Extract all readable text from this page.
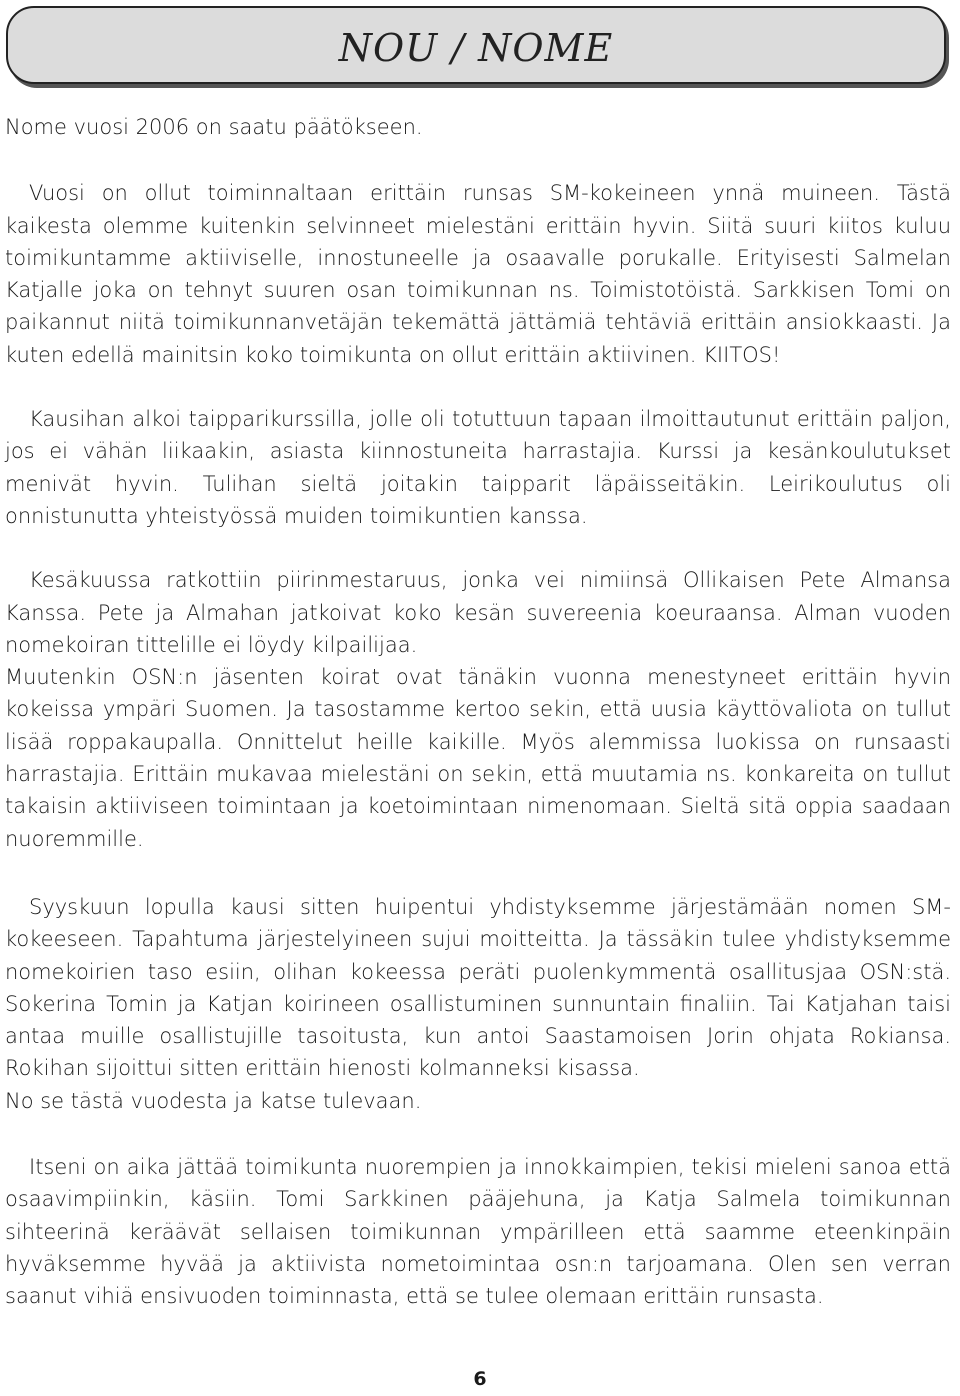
NOU / NOME

Nome vuosi 2006 on saatu päätökseen.

Vuosi on ollut toiminnaltaan erittäin runsas SM-kokeineen ynnä muineen. Tästä kaikesta olemme kuitenkin selvinneet mielestäni erittäin hyvin. Siitä suuri kiitos kuluu toimikuntamme aktiiviselle, innostuneelle ja osaavalle porukalle. Erityisesti Salmelan Katjalle joka on tehnyt suuren osan toimikunnan ns. Toimistotöistä. Sarkkisen Tomi on paikannut niitä toimikunnanvetäjän tekemättä jättämiä tehtäviä erittäin ansiokkaasti. Ja kuten edellä mainitsin koko toimikunta on ollut erittäin aktiivinen. KIITOS!

Kausihan alkoi taipparikurssilla, jolle oli totuttuun tapaan ilmoittautunut erittäin paljon, jos ei vähän liikaakin, asiasta kiinnostuneita harrastajia. Kurssi ja kesänkoulutukset menivät hyvin. Tulihan sieltä joitakin taipparit läpäisseitäkin. Leirikoulutus oli onnistunutta yhteistyössä muiden toimikuntien kanssa.

Kesäkuussa ratkottiin piirinmestaruus, jonka vei nimiinsä Ollikaisen Pete Almansa Kanssa. Pete ja Almahan jatkoivat koko kesän suvereenia koeuraansa. Alman vuoden nomekoiran tittelille ei löydy kilpailijaa.

Muutenkin OSN:n jäsenten koirat ovat tänäkin vuonna menestyneet erittäin hyvin kokeissa ympäri Suomen. Ja tasostamme kertoo sekin, että uusia käyttövaliota on tullut lisää roppakaupalla. Onnittelut heille kaikille. Myös alemmissa luokissa on runsaasti harrastajia. Erittäin mukavaa mielestäni on sekin, että muutamia ns. konkareita on tullut takaisin aktiiviseen toimintaan ja koetoimintaan nimenomaan. Sieltä sitä oppia saadaan nuoremmille.

Syyskuun lopulla kausi sitten huipentui yhdistyksemme järjestämään nomen SM-kokeeseen. Tapahtuma järjestelyineen sujui moitteitta. Ja tässäkin tulee yhdistyksemme nomekoirien taso esiin, olihan kokeessa peräti puolenkymmentä osallitusjaa OSN:stä. Sokerina Tomin ja Katjan koirineen osallistuminen sunnuntain finaliin. Tai Katjahan taisi antaa muille osallistujille tasoitusta, kun antoi Saastamoisen Jorin ohjata Rokiansa. Rokihan sijoittui sitten erittäin hienosti kolmanneksi kisassa.

No se tästä vuodesta ja katse tulevaan.

Itseni on aika jättää toimikunta nuorempien ja innokkaimpien, tekisi mieleni sanoa että osaavimpiinkin, käsiin. Tomi Sarkkinen pääjehuna, ja Katja Salmela toimikunnan sihteerinä keräävät sellaisen toimikunnan ympärilleen että saamme eteenkinpäin hyväksemme hyvää ja aktiivista nometoimintaa osn:n tarjoamana. Olen sen verran saanut vihiä ensivuoden toiminnasta, että se tulee olemaan erittäin runsasta.

6
